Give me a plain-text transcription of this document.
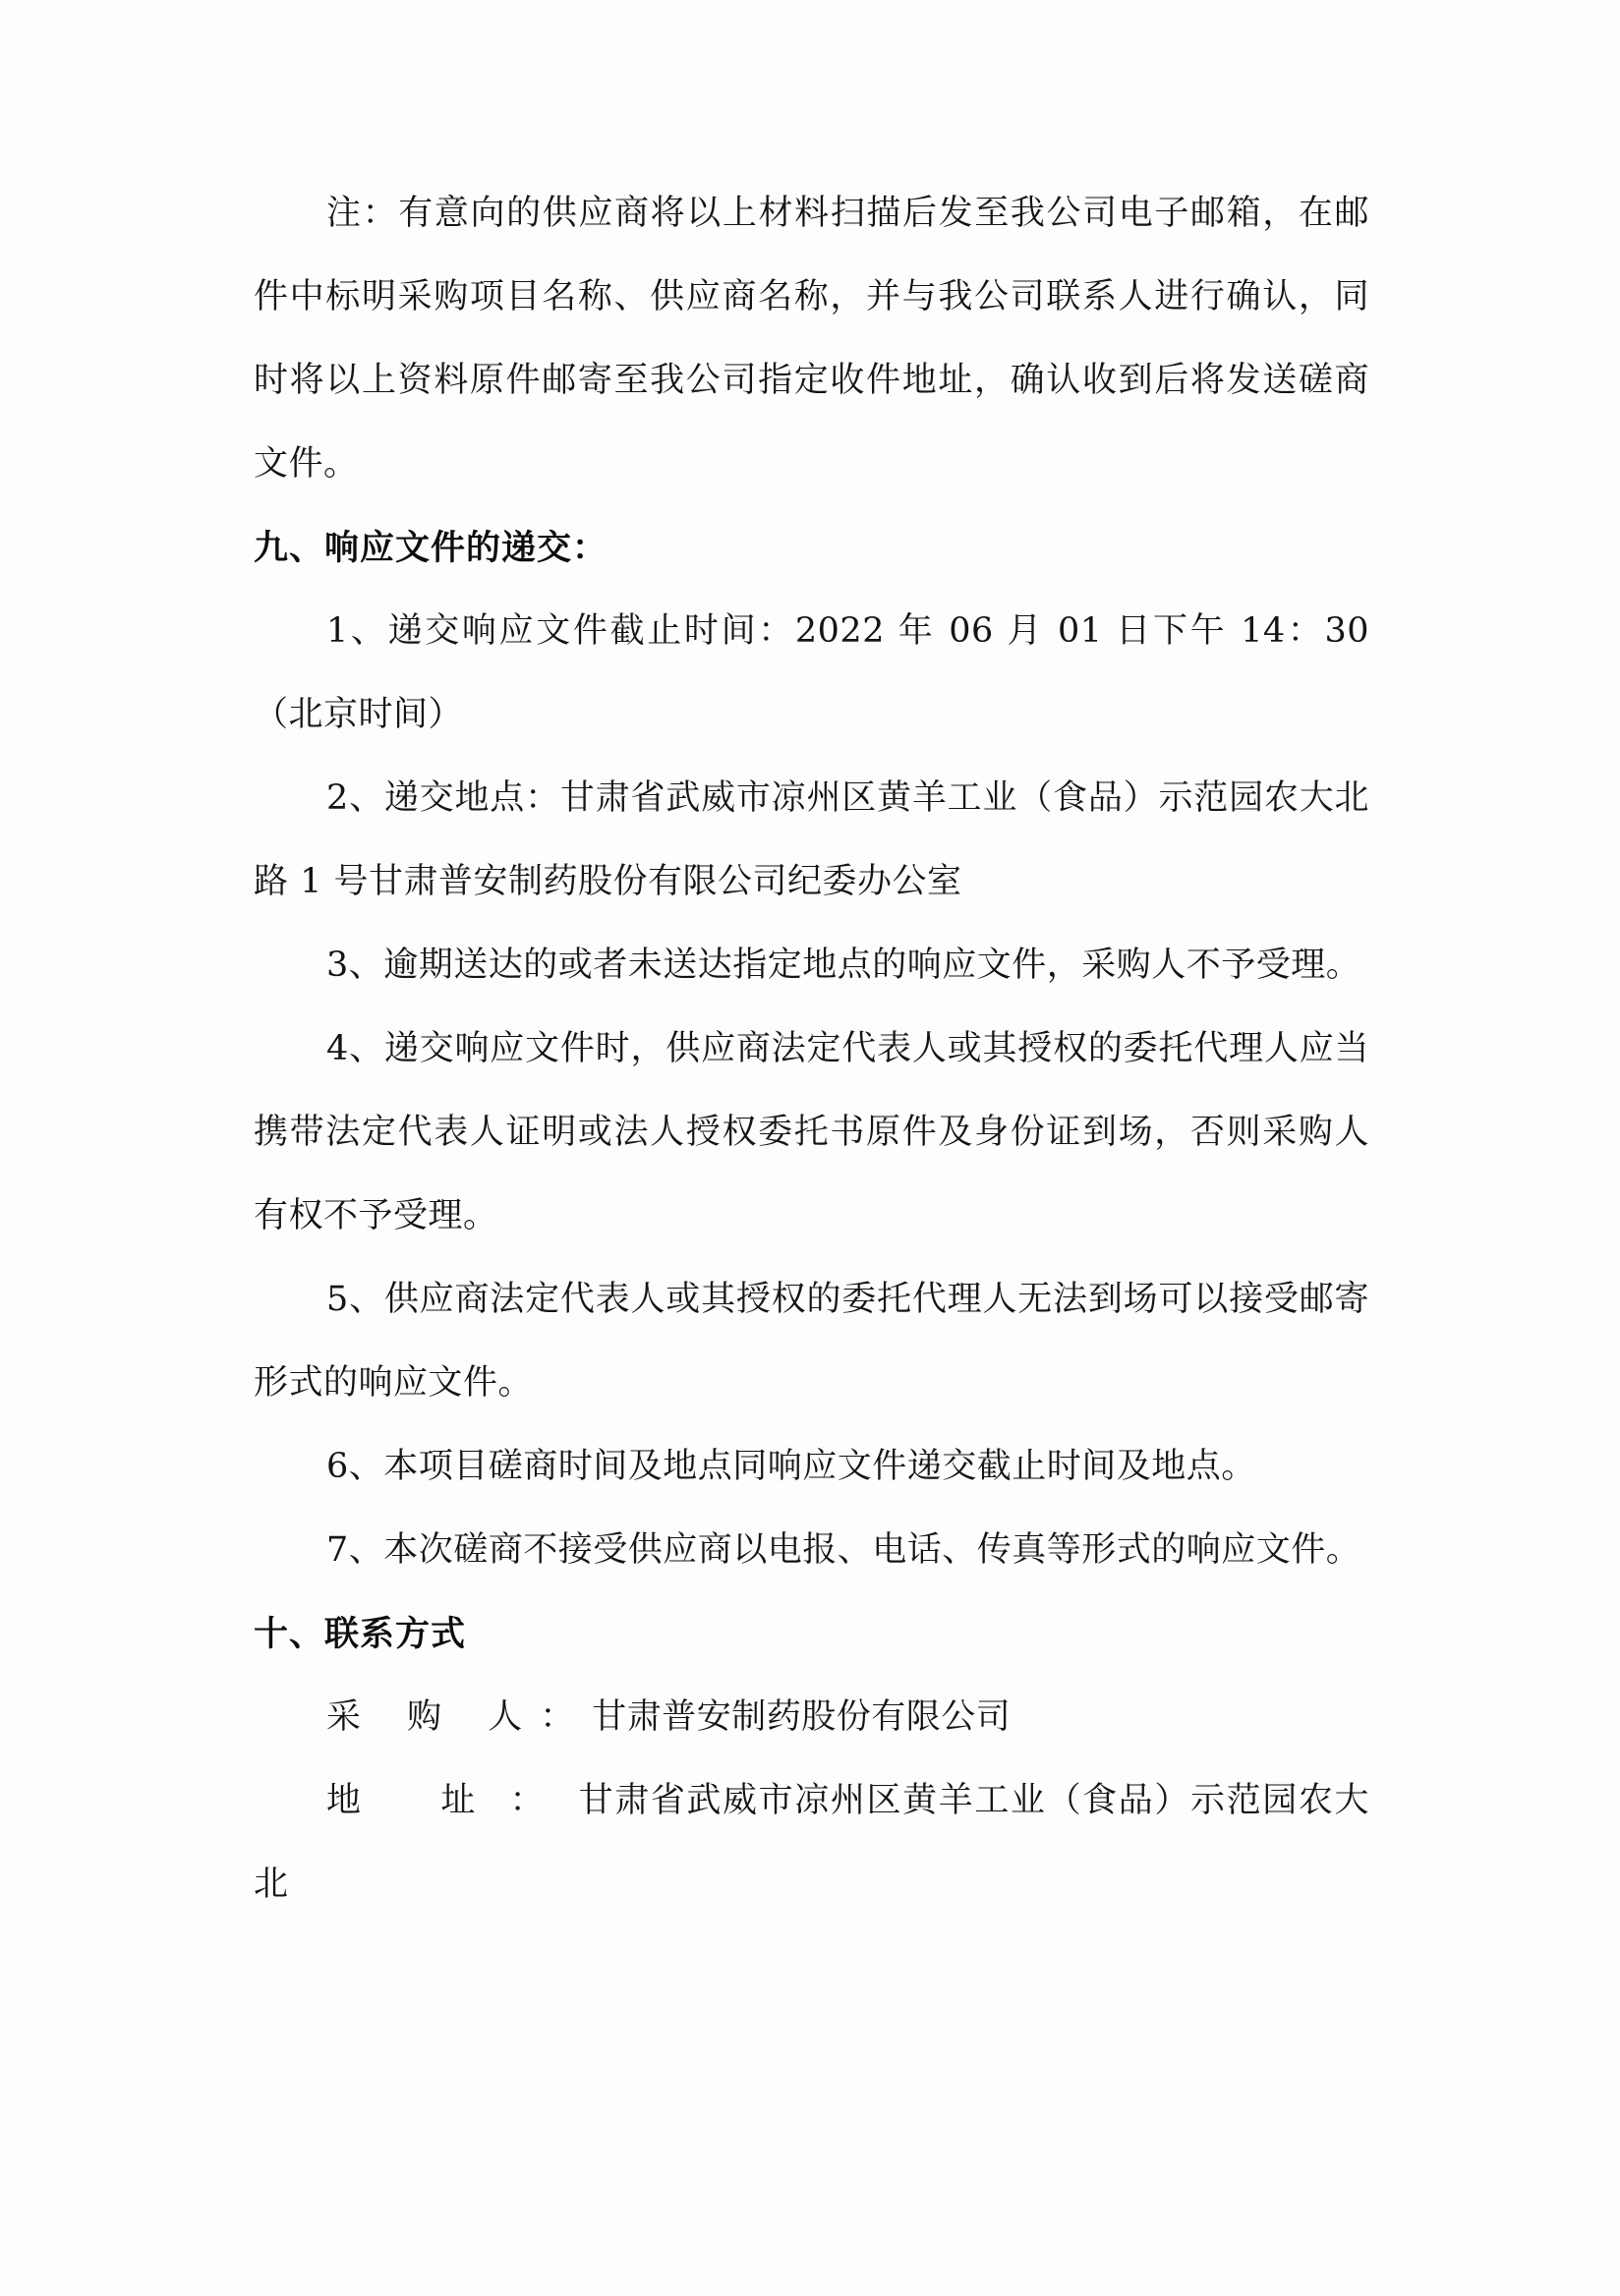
注：有意向的供应商将以上材料扫描后发至我公司电子邮箱，在邮件中标明采购项目名称、供应商名称，并与我公司联系人进行确认，同时将以上资料原件邮寄至我公司指定收件地址，确认收到后将发送磋商文件。

九、响应文件的递交：

1、递交响应文件截止时间：2022 年 06 月 01 日下午 14：30（北京时间）

2、递交地点：甘肃省武威市凉州区黄羊工业（食品）示范园农大北路 1 号甘肃普安制药股份有限公司纪委办公室

3、逾期送达的或者未送达指定地点的响应文件，采购人不予受理。

4、递交响应文件时，供应商法定代表人或其授权的委托代理人应当携带法定代表人证明或法人授权委托书原件及身份证到场，否则采购人有权不予受理。

5、供应商法定代表人或其授权的委托代理人无法到场可以接受邮寄形式的响应文件。

6、本项目磋商时间及地点同响应文件递交截止时间及地点。

7、本次磋商不接受供应商以电报、电话、传真等形式的响应文件。

十、联系方式

采 购 人：甘肃普安制药股份有限公司

地 址：甘肃省武威市凉州区黄羊工业（食品）示范园农大北
